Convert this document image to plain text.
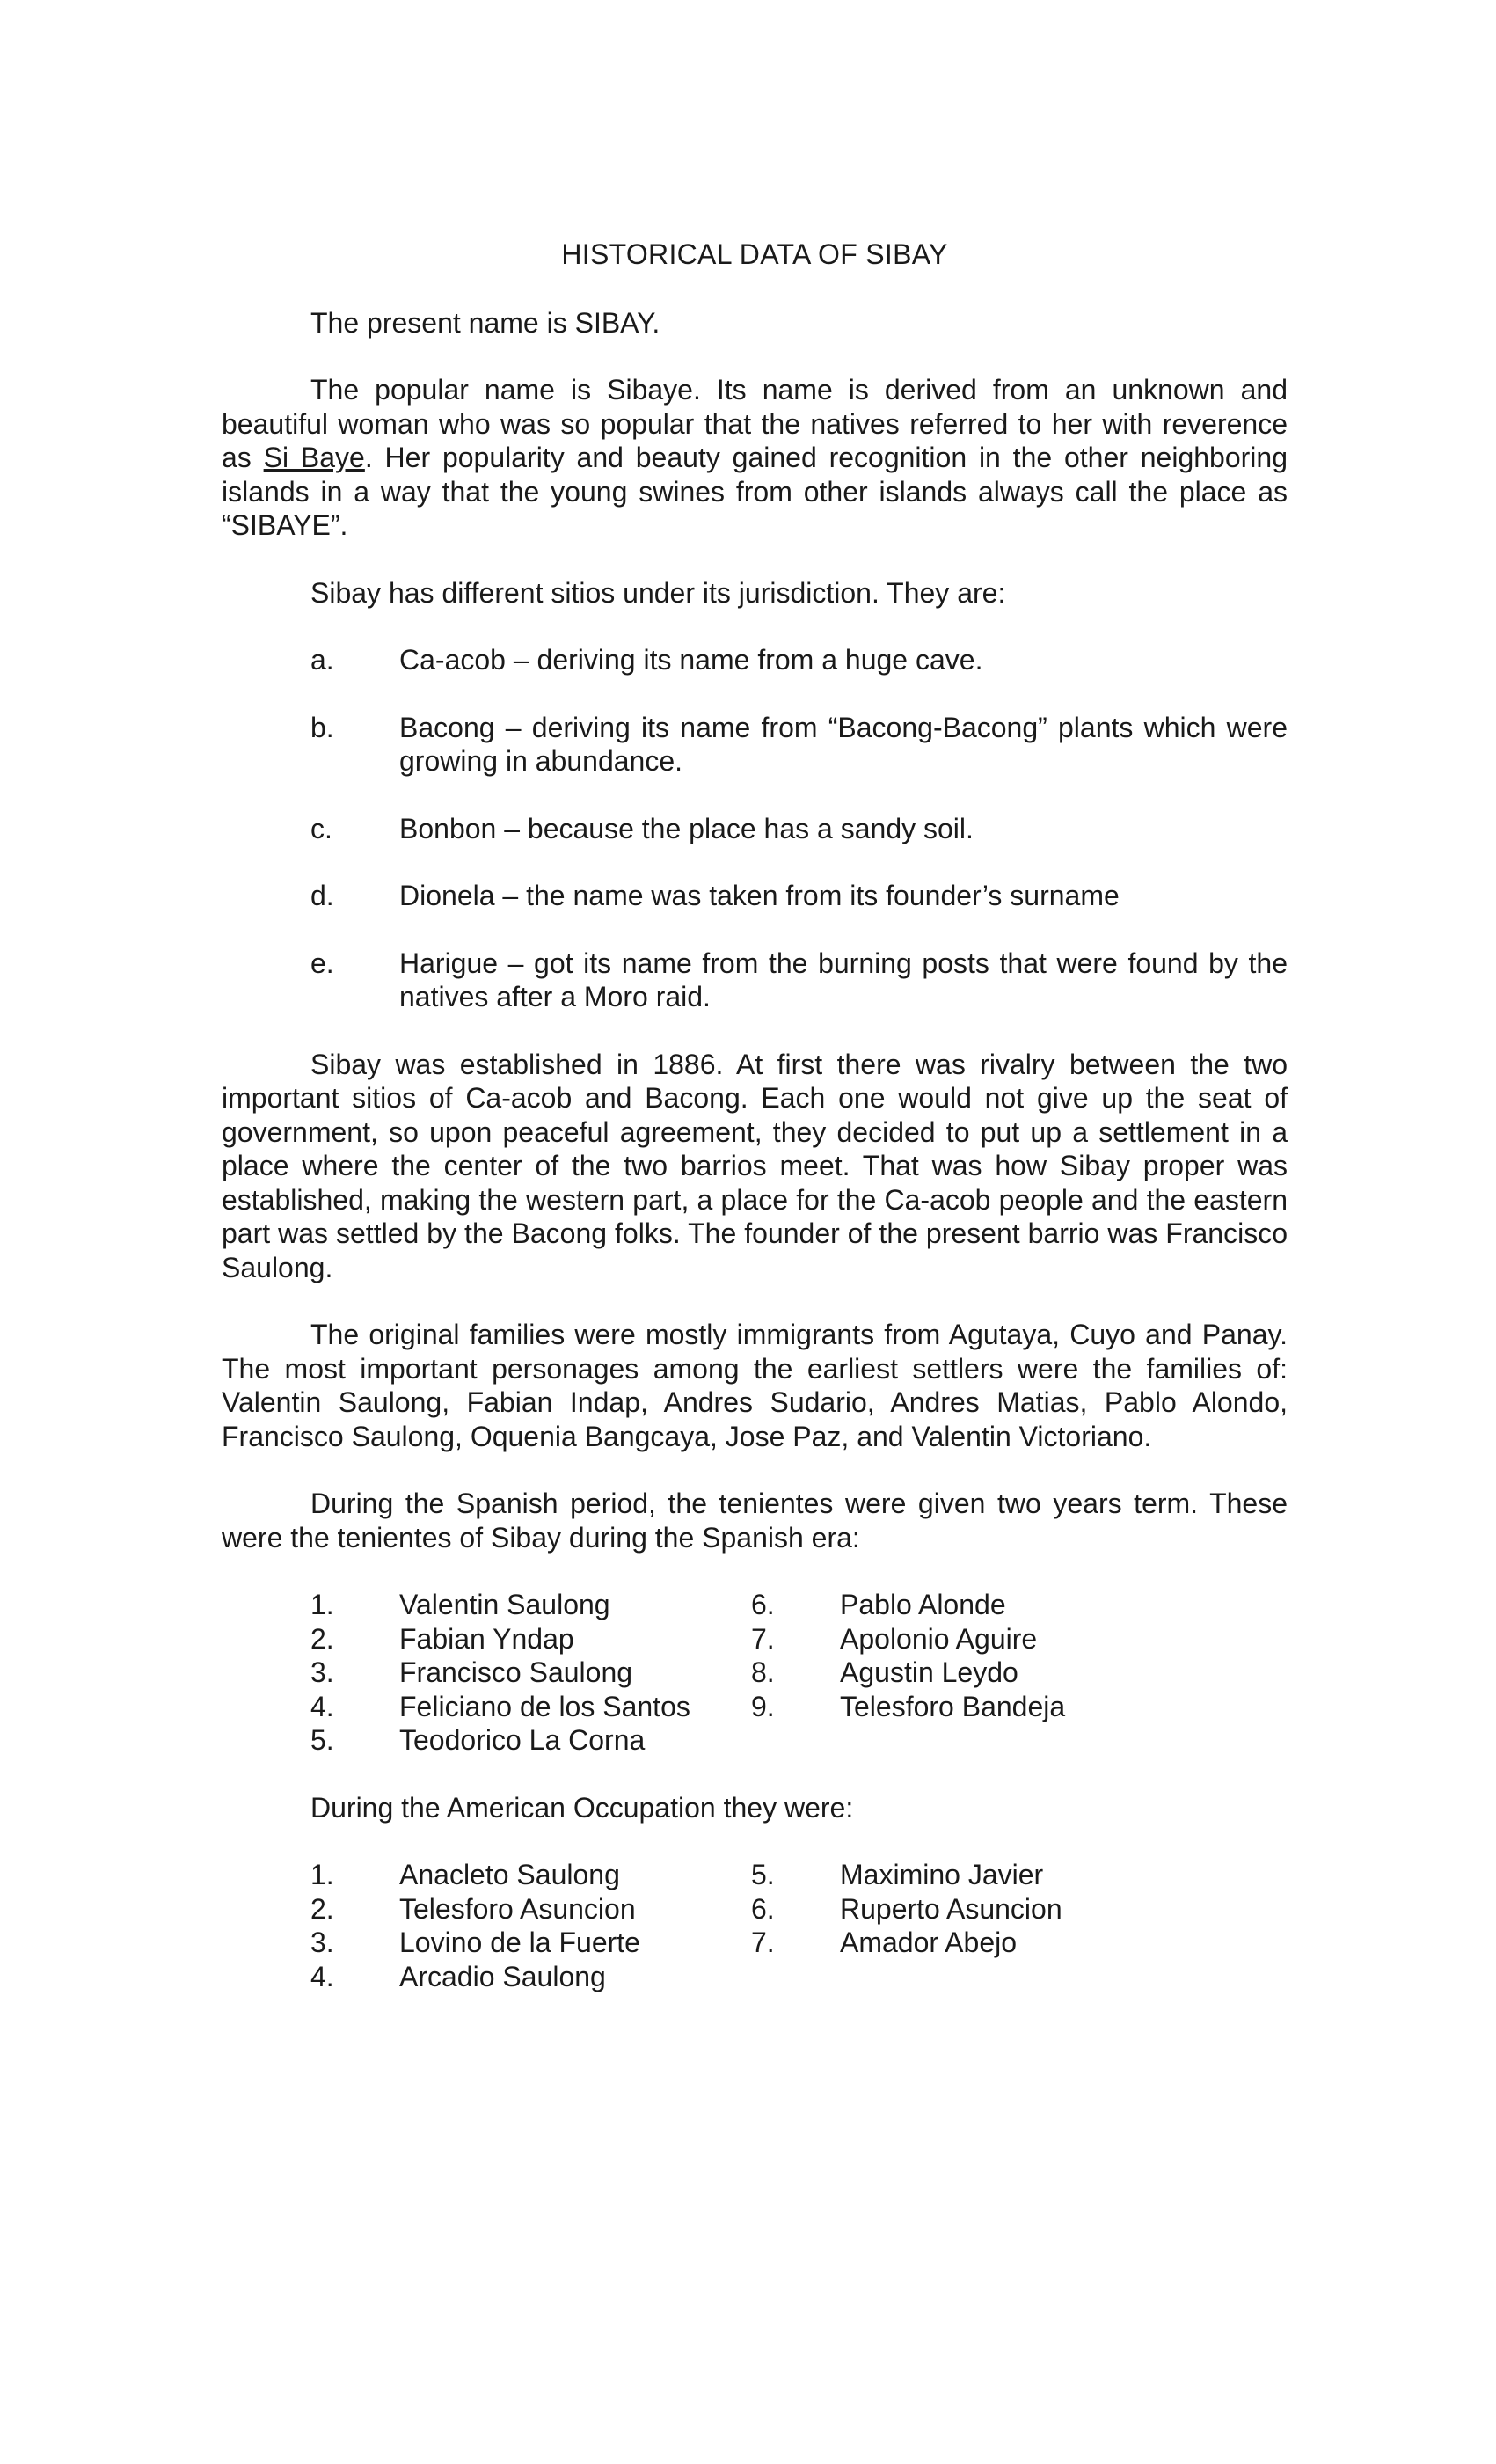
HISTORICAL DATA OF SIBAY

The present name is SIBAY.

The popular name is Sibaye. Its name is derived from an unknown and beautiful woman who was so popular that the natives referred to her with reverence as Si Baye. Her popularity and beauty gained recognition in the other neighboring islands in a way that the young swines from other islands always call the place as “SIBAYE”.

Sibay has different sitios under its jurisdiction. They are:

a.	Ca-acob – deriving its name from a huge cave.
b.	Bacong – deriving its name from “Bacong-Bacong” plants which were growing in abundance.
c.	Bonbon – because the place has a sandy soil.
d.	Dionela – the name was taken from its founder’s surname
e.	Harigue – got its name from the burning posts that were found by the natives after a Moro raid.

Sibay was established in 1886. At first there was rivalry between the two important sitios of Ca-acob and Bacong. Each one would not give up the seat of government, so upon peaceful agreement, they decided to put up a settlement in a place where the center of the two barrios meet. That was how Sibay proper was established, making the western part, a place for the Ca-acob people and the eastern part was settled by the Bacong folks. The founder of the present barrio was Francisco Saulong.

The original families were mostly immigrants from Agutaya, Cuyo and Panay. The most important personages among the earliest settlers were the families of: Valentin Saulong, Fabian Indap, Andres Sudario, Andres Matias, Pablo Alondo, Francisco Saulong, Oquenia Bangcaya, Jose Paz, and Valentin Victoriano.

During the Spanish period, the tenientes were given two years term. These were the tenientes of Sibay during the Spanish era:

1.	Valentin Saulong
2.	Fabian Yndap
3.	Francisco Saulong
4.	Feliciano de los Santos
5.	Teodorico La Corna
6.	Pablo Alonde
7.	Apolonio Aguire
8.	Agustin Leydo
9.	Telesforo Bandeja
During the American Occupation they were:
1.	Anacleto Saulong
2.	Telesforo Asuncion
3.	Lovino de la Fuerte
4.	Arcadio Saulong
5.	Maximino Javier
6.	Ruperto Asuncion
7.	Amador Abejo
